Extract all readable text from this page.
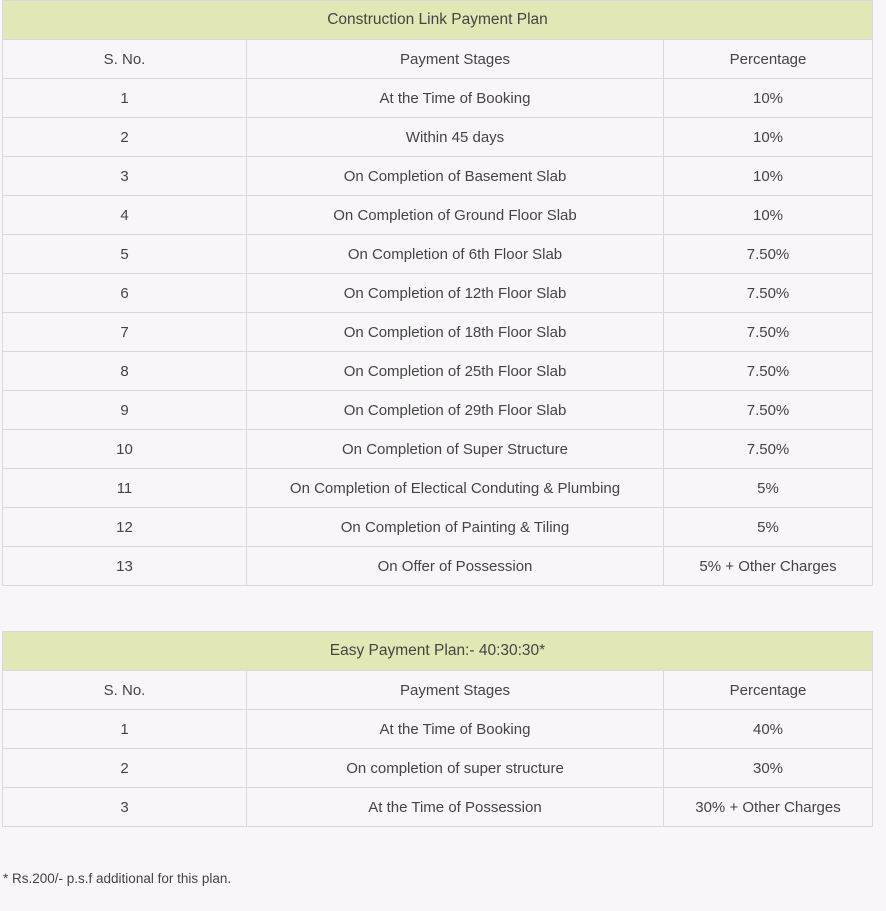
Construction Link Payment Plan		
S. No.	Payment Stages	Percentage
1	At the Time of Booking	10%
2	Within 45 days	10%
3	On Completion of Basement Slab	10%
4	On Completion of Ground Floor Slab	10%
5	On Completion of 6th Floor Slab	7.50%
6	On Completion of 12th Floor Slab	7.50%
7	On Completion of 18th Floor Slab	7.50%
8	On Completion of 25th Floor Slab	7.50%
9	On Completion of 29th Floor Slab	7.50%
10	On Completion of Super Structure	7.50%
11	On Completion of Electical Conduting & Plumbing	5%
12	On Completion of Painting & Tiling	5%
13	On Offer of Possession	5% + Other Charges
Easy Payment Plan:- 40:30:30*		
S. No.	Payment Stages	Percentage
1	At the Time of Booking	40%
2	On completion of super structure	30%
3	At the Time of Possession	30% + Other Charges
* Rs.200/- p.s.f additional for this plan.
